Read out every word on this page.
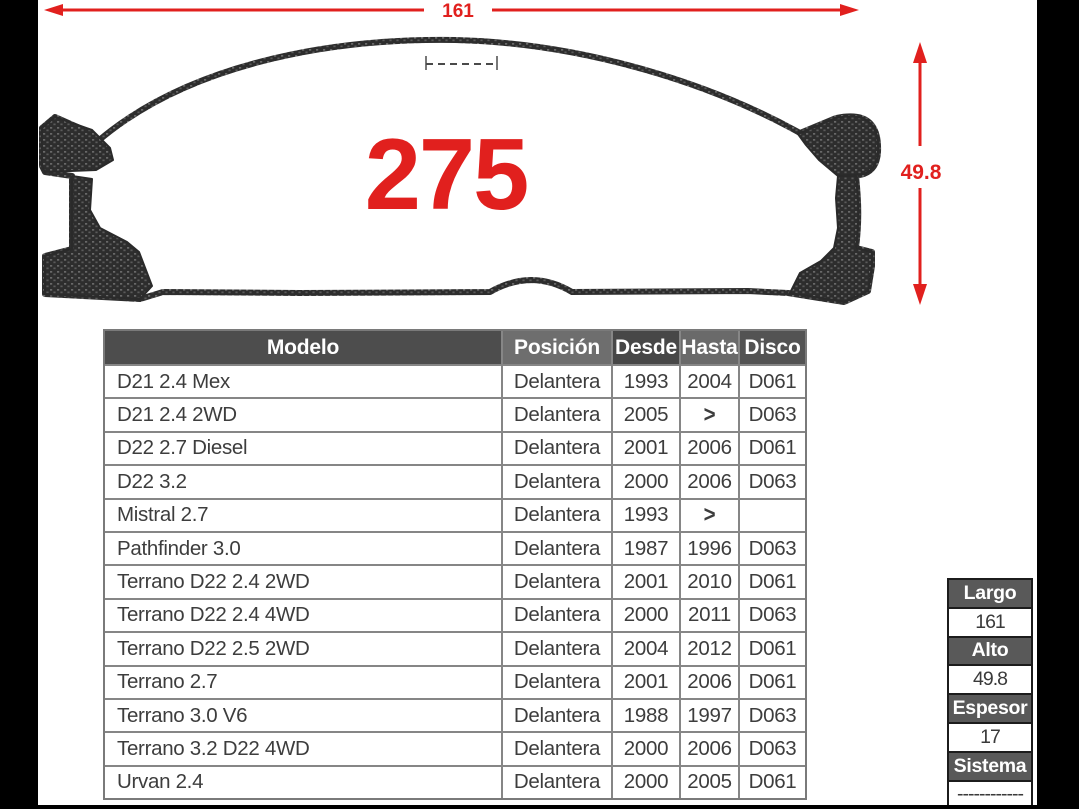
161
49.8
275
Modelo	Posición Desde Hasta Disco
D21 2.4 Mex	Delantera	1993 2004 D061
D21 2.4 2WD	Delantera	2005	>	D063
D22 2.7 Diesel	Delantera	2001 2006 D061
D22 3.2	Delantera	2000 2006 D063
Mistral 2.7	Delantera	1993	>
Pathfinder 3.0	Delantera	1987 1996 D063
Terrano D22 2.4 2WD	Delantera	2001 2010 D061
Terrano D22 2.4 4WD	Delantera	2000 2011 D063
Terrano D22 2.5 2WD	Delantera	2004 2012 D061
Terrano 2.7	Delantera	2001 2006 D061
Terrano 3.0 V6	Delantera	1988 1997 D063
Terrano 3.2 D22 4WD	Delantera	2000 2006 D063
Urvan 2.4	Delantera	2000 2005 D061
Largo
161
Alto
49.8
Espesor
17
Sistema
------------
